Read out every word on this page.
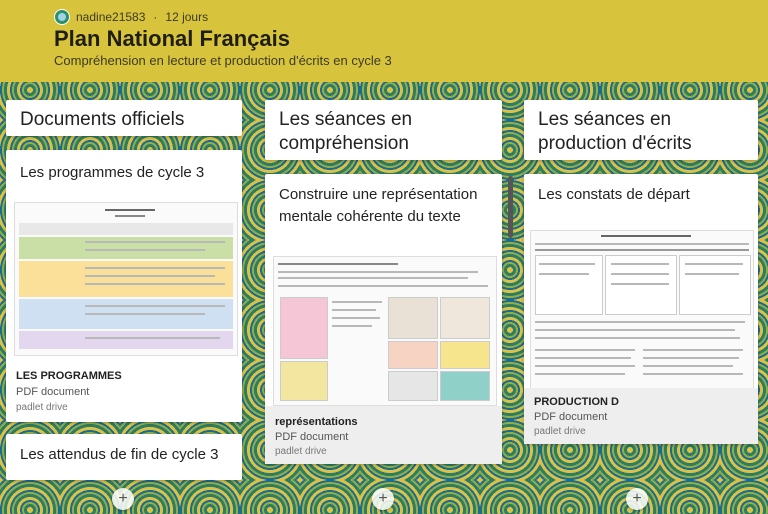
nadine21583 · 12 jours
Plan National Français
Compréhension en lecture et production d'écrits en cycle 3
Documents officiels
Les programmes de cycle 3
LES PROGRAMMES
PDF document
padlet drive
Les attendus de fin de cycle 3
+
Les séances en compréhension
Construire une représentation mentale cohérente du texte
représentations
PDF document
padlet drive
+
Les séances en production d'écrits
Les constats de départ
PRODUCTION D
PDF document
padlet drive
+
